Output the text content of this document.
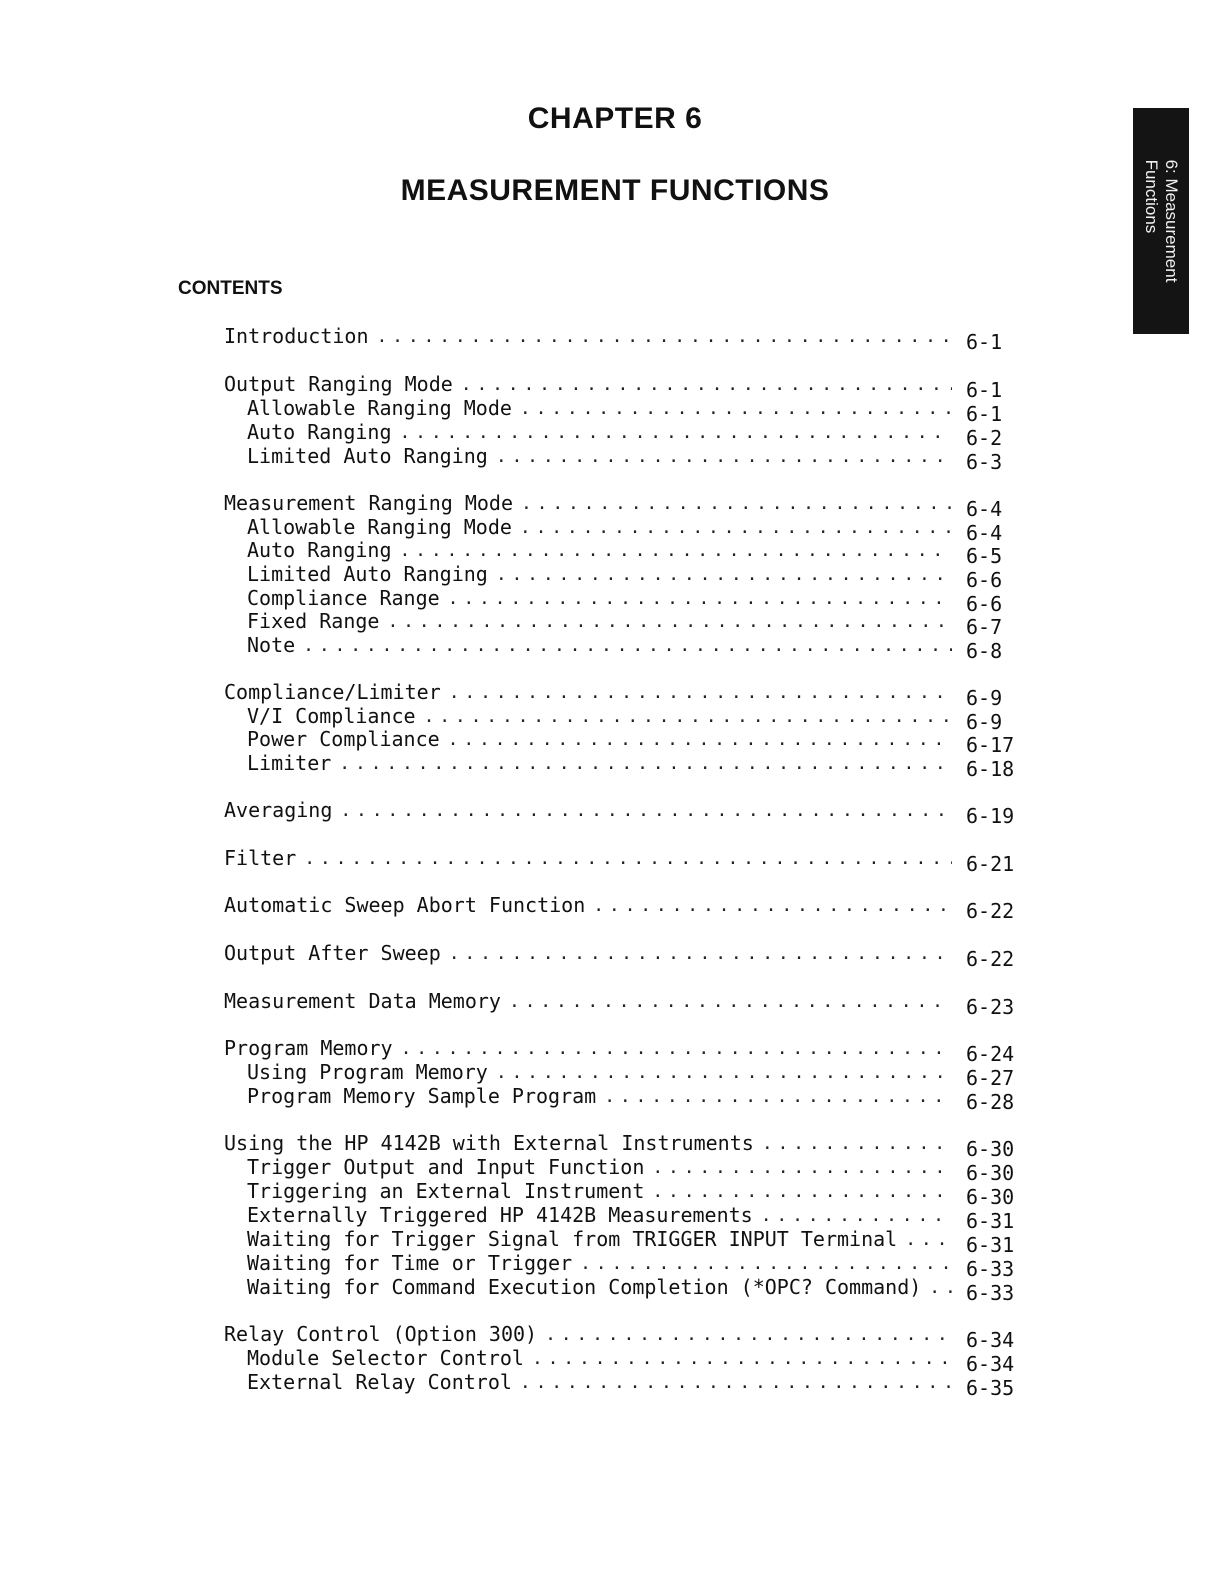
CHAPTER 6
MEASUREMENT FUNCTIONS
CONTENTS
6: Measurement
Functions
Introduction . . .	6-1
Output Ranging Mode . . .	6-1
Allowable Ranging Mode . . .	6-1
Auto Ranging . . .	6-2
Limited Auto Ranging . . .	6-3
Measurement Ranging Mode . . .	6-4
Allowable Ranging Mode . . .	6-4
Auto Ranging . . .	6-5
Limited Auto Ranging . . .	6-6
Compliance Range . . .	6-6
Fixed Range . . .	6-7
Note . . .	6-8
Compliance/Limiter . . .	6-9
V/I Compliance . . .	6-9
Power Compliance . . .	6-17
Limiter . . .	6-18
Averaging . . .	6-19
Filter . . .	6-21
Automatic Sweep Abort Function . . .	6-22
Output After Sweep . . .	6-22
Measurement Data Memory . . .	6-23
Program Memory . . .	6-24
Using Program Memory . . .	6-27
Program Memory Sample Program . . .	6-28
Using the HP 4142B with External Instruments . . .	6-30
Trigger Output and Input Function . . .	6-30
Triggering an External Instrument . . .	6-30
Externally Triggered HP 4142B Measurements . . .	6-31
Waiting for Trigger Signal from TRIGGER INPUT Terminal . . .	6-31
Waiting for Time or Trigger . . .	6-33
Waiting for Command Execution Completion (*OPC? Command) . . .	6-33
Relay Control (Option 300) . . .	6-34
Module Selector Control . . .	6-34
External Relay Control . . .	6-35
